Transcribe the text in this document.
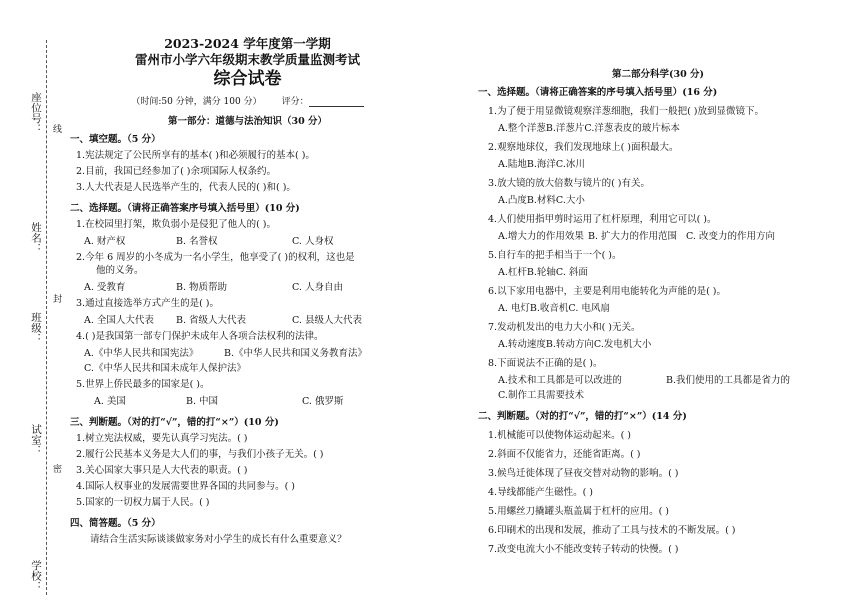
座位号：
姓名：
班级：
试室：
学校：
线
封
密
2023-2024 学年度第一学期
雷州市小学六年级期末教学质量监测考试
综合试卷
（时间:50 分钟，满分 100 分） 评分：
第一部分：道德与法治知识（30 分）
一、填空题。（5 分）
1.宪法规定了公民所享有的基本( )和必须履行的基本( )。
2.目前，我国已经参加了( )余项国际人权条约。
3.人大代表是人民选举产生的，代表人民的( )和( )。
二、选择题。（请将正确答案序号填入括号里）(10 分)
1.在校园里打架，欺负弱小是侵犯了他人的( )。
A. 财产权	B. 名誉权	C. 人身权
2.今年 6 周岁的小冬成为一名小学生，他享受了( )的权利，这也是
他的义务。
A. 受教育	B. 物质帮助	C. 人身自由
3.通过直接选举方式产生的是( )。
A. 全国人大代表	B. 省级人大代表	C. 县级人大代表
4.( )是我国第一部专门保护未成年人各项合法权利的法律。
A.《中华人民共和国宪法》	B.《中华人民共和国义务教育法》
C.《中华人民共和国未成年人保护法》
5.世界上侨民最多的国家是( )。
A. 美国	B. 中国	C. 俄罗斯
三、判断题。（对的打“√”，错的打“×”）(10 分)
1.树立宪法权威，要先认真学习宪法。( )
2.履行公民基本义务是大人们的事，与我们小孩子无关。( )
3.关心国家大事只是人大代表的职责。( )
4.国际人权事业的发展需要世界各国的共同参与。( )
5.国家的一切权力属于人民。( )
四、简答题。（5 分）
请结合生活实际谈谈做家务对小学生的成长有什么重要意义？
第二部分科学(30 分)
一、选择题。（请将正确答案的序号填入括号里）(16 分)
1.为了便于用显微镜观察洋葱细胞，我们一般把( )放到显微镜下。
A.整个洋葱 B.洋葱片 C.洋葱表皮的玻片标本
2.观察地球仪，我们发现地球上( )面积最大。
A.陆地 B.海洋 C.冰川
3.放大镜的放大倍数与镜片的( )有关。
A.凸度 B.材料 C.大小
4.人们使用指甲剪时运用了杠杆原理，利用它可以( )。
A.增大力的作用效果 B. 扩大力的作用范围 C. 改变力的作用方向
5.自行车的把手相当于一个( )。
A.杠杆 B.轮轴 C. 斜面
6.以下家用电器中，主要是利用电能转化为声能的是( )。
A. 电灯 B.收音机 C. 电风扇
7.发动机发出的电力大小和( )无关。
A.转动速度 B.转动方向 C.发电机大小
8.下面说法不正确的是( )。
A.技术和工具都是可以改进的	B.我们使用的工具都是省力的
C.制作工具需要技术
二、判断题。（对的打“√”，错的打“×”）(14 分)
1.机械能可以使物体运动起来。( )
2.斜面不仅能省力，还能省距离。( )
3.候鸟迁徙体现了昼夜交替对动物的影响。( )
4.导线都能产生磁性。( )
5.用螺丝刀撬罐头瓶盖属于杠杆的应用。( )
6.印刷术的出现和发展，推动了工具与技术的不断发展。( )
7.改变电流大小不能改变转子转动的快慢。( )
